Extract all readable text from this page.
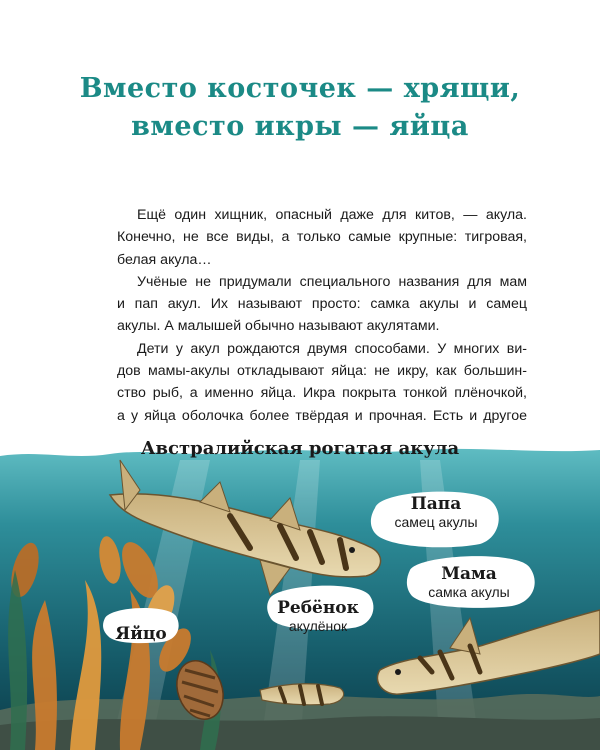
Вместо косточек — хрящи,
вместо икры — яйца

Ещё один хищник, опасный даже для китов, — акула.
Конечно, не все виды, а только самые крупные: тигровая,
белая акула…

Учёные не придумали специального названия для мам
и пап акул. Их называют просто: самка акулы и самец
акулы. А малышей обычно называют акулятами.

Дети у акул рождаются двумя способами. У многих ви-
дов мамы-акулы откладывают яйца: не икру, как большин-
ство рыб, а именно яйца. Икра покрыта тонкой плёночкой,
а у яйца оболочка более твёрдая и прочная. Есть и другое

Австралийская рогатая акула
Папа
самец акулы
Мама
самка акулы
Ребёнок
акулёнок
Яйцо
